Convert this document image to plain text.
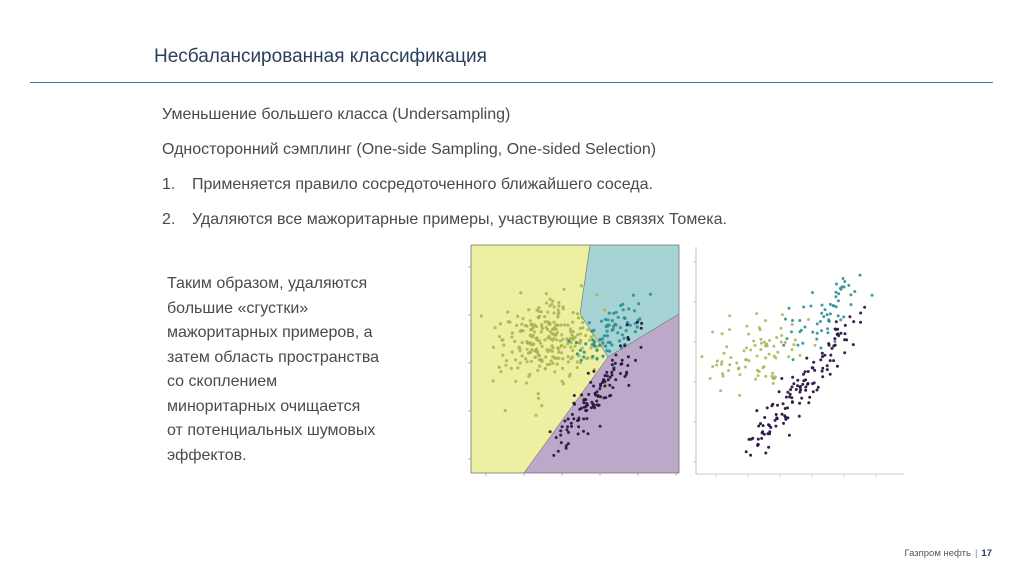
Несбалансированная классификация
Уменьшение большего класса (Undersampling)
Односторонний сэмплинг (One-side Sampling, One-sided Selection)
1. Применяется правило сосредоточенного ближайшего соседа.
2. Удаляются все мажоритарные примеры, участвующие в связях Томека.
Таким образом, удаляются
большие «сгустки»
мажоритарных примеров, а
затем область пространства
со скоплением
миноритарных очищается
от потенциальных шумовых
эффектов.
Газпром нефть | 17
